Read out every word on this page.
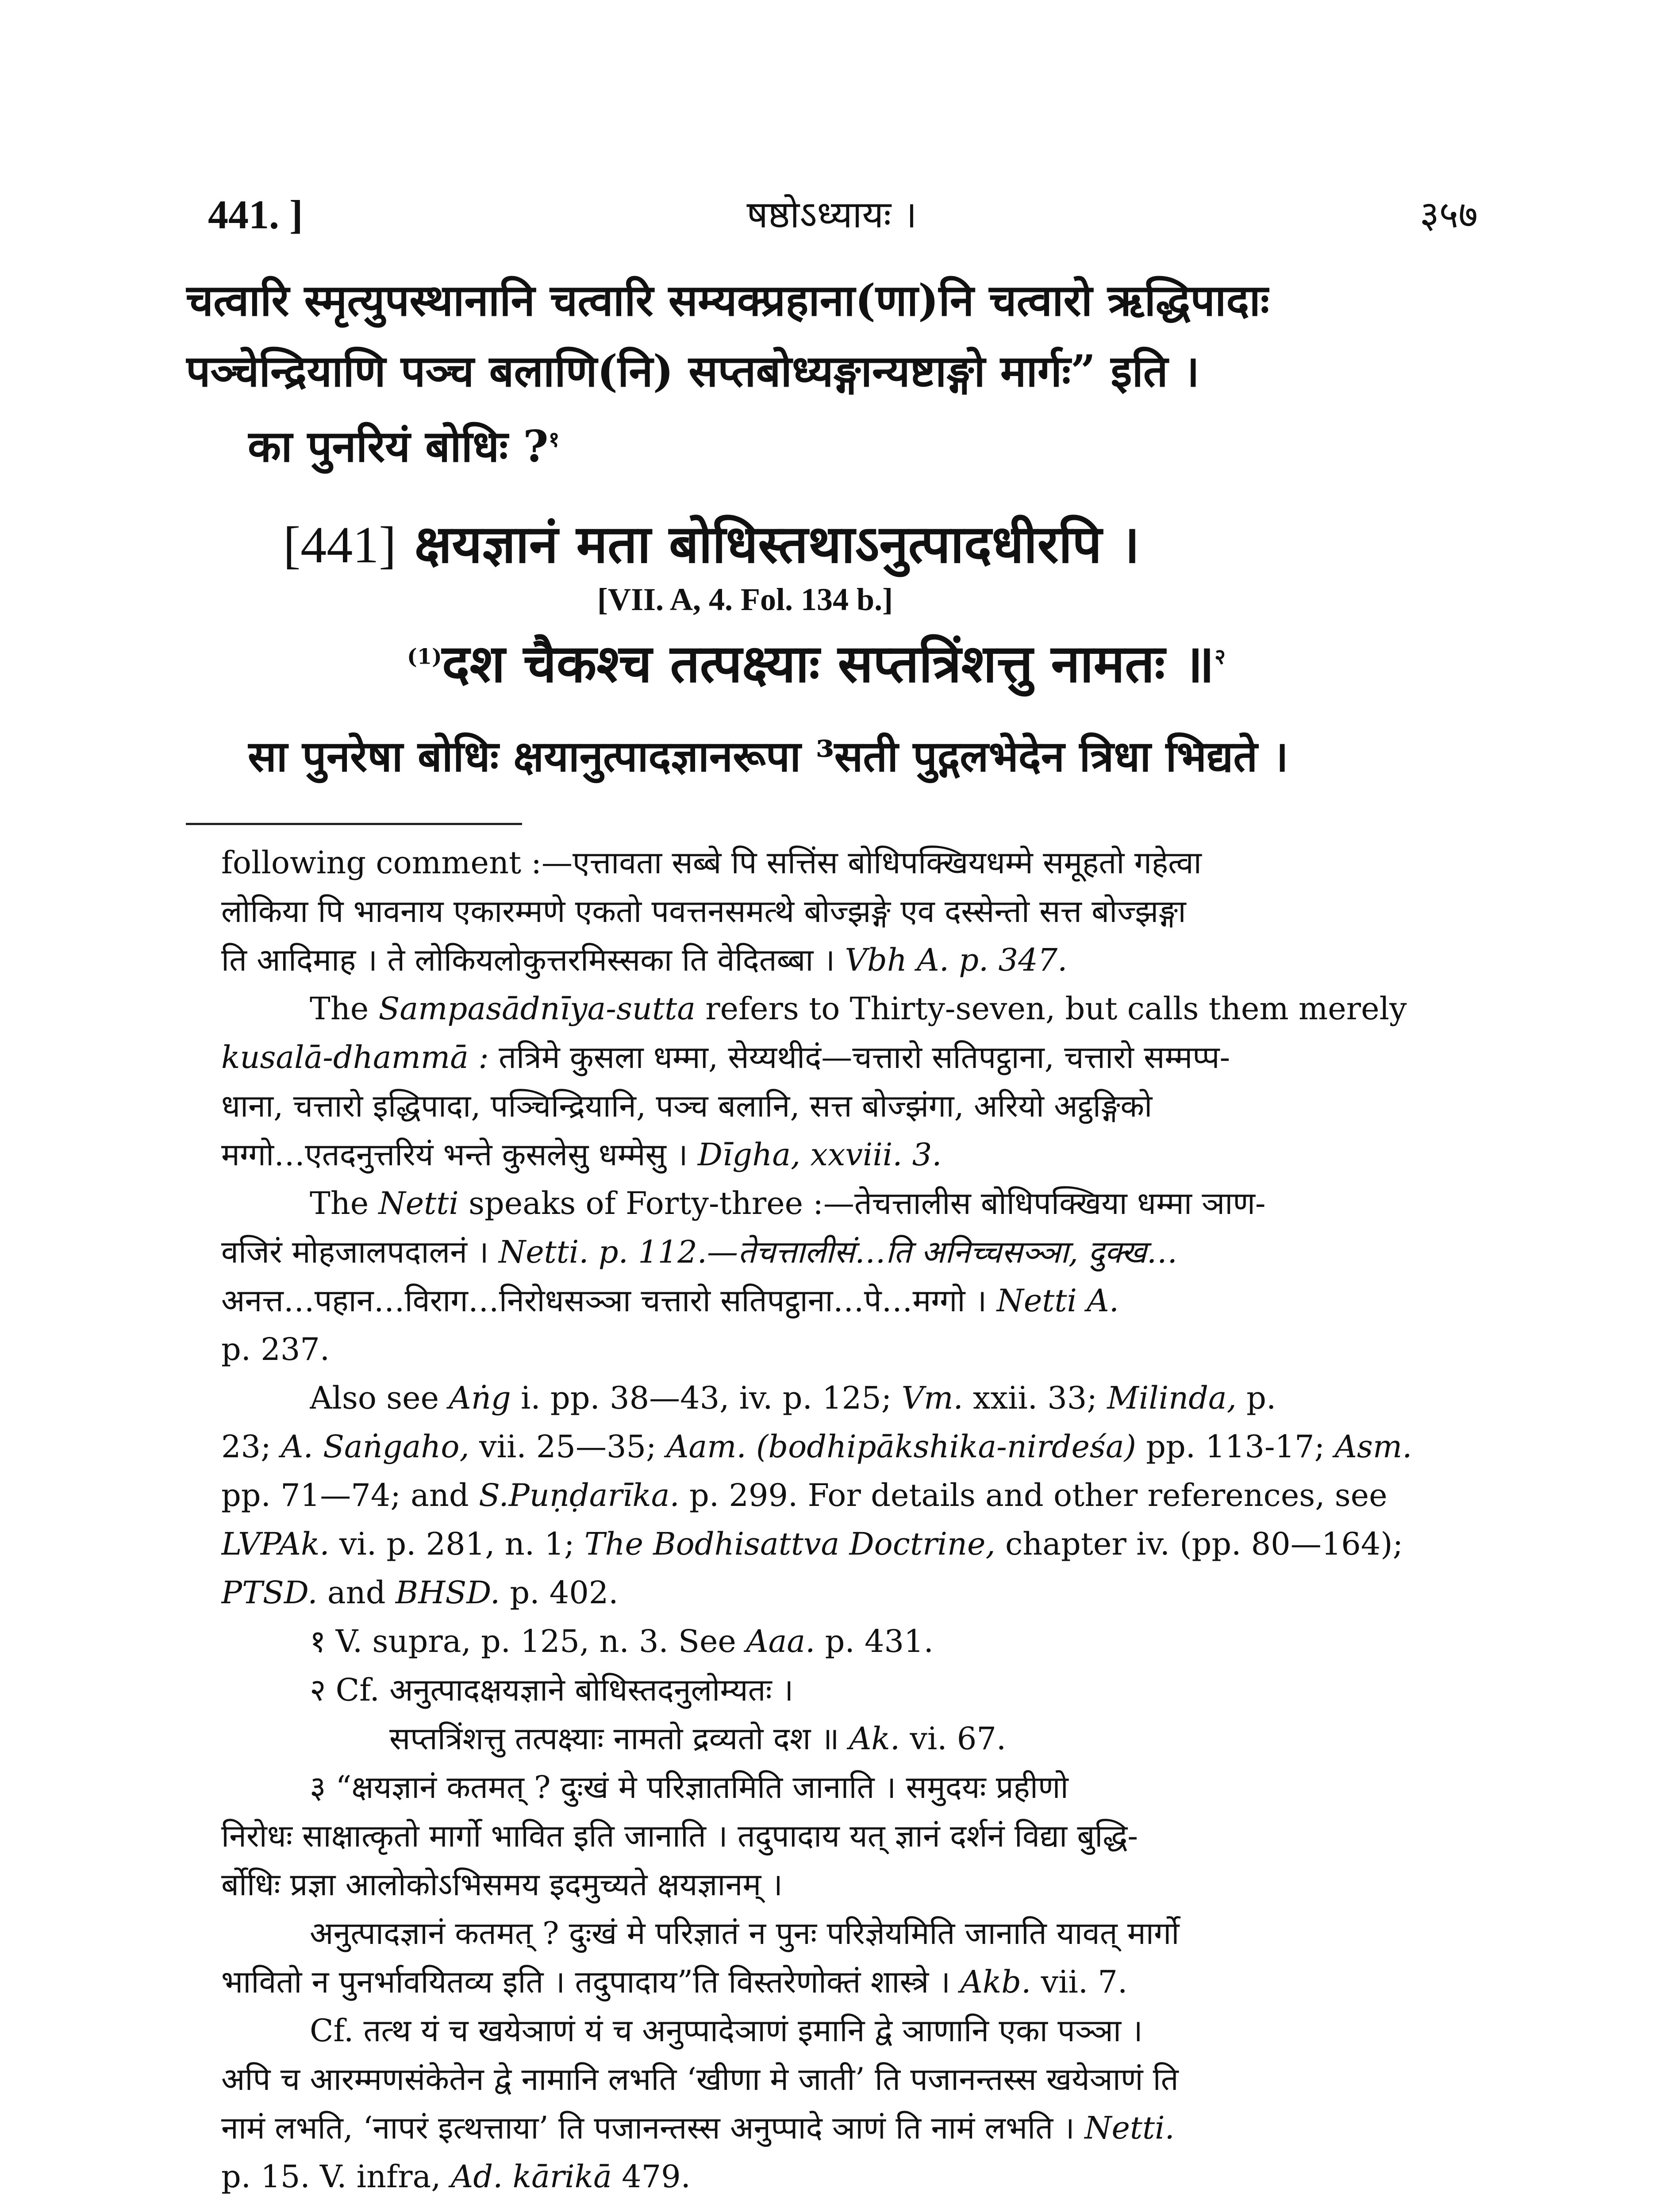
441. ]	षष्ठोऽध्यायः ।	३५७
चत्वारि स्मृत्युपस्थानानि चत्वारि सम्यक्प्रहाना(णा)नि चत्वारो ऋद्धिपादाः
पञ्चेन्द्रियाणि पञ्च बलाणि(नि) सप्तबोध्यङ्गान्यष्टाङ्गो मार्गः” इति ।
का पुनरियं बोधिः ?$^१$
[441] क्षयज्ञानं मता बोधिस्तथाऽनुत्पादधीरपि ।
[VII. A, 4. Fol. 134 b.]
$^{(1)}$दश चैकश्च तत्पक्ष्याः सप्तत्रिंशत्तु नामतः ॥$^२$
सा पुनरेषा बोधिः क्षयानुत्पादज्ञानरूपा ³सती पुद्गलभेदेन त्रिधा भिद्यते ।
following comment :—एत्तावता सब्बे पि सत्तिंस बोधिपक्खियधम्मे समूहतो गहेत्वा
लोकिया पि भावनाय एकारम्मणे एकतो पवत्तनसमत्थे बोज्झङ्गे एव दस्सेन्तो सत्त बोज्झङ्गा
ति आदिमाह । ते लोकियलोकुत्तरमिस्सका ति वेदितब्बा । Vbh A. p. 347.
The Sampasādnīya-sutta refers to Thirty-seven, but calls them merely
kusalā-dhammā : तत्रिमे कुसला धम्मा, सेय्यथीदं—चत्तारो सतिपट्ठाना, चत्तारो सम्मप्प-
धाना, चत्तारो इद्धिपादा, पञ्चिन्द्रियानि, पञ्च बलानि, सत्त बोज्झंगा, अरियो अट्ठङ्गिको
मग्गो…एतदनुत्तरियं भन्ते कुसलेसु धम्मेसु । Dīgha, xxviii. 3.
The Netti speaks of Forty-three :—तेचत्तालीस बोधिपक्खिया धम्मा ञाण-
वजिरं मोहजालपदालनं । Netti. p. 112.—तेचत्तालीसं…ति अनिच्चसञ्ञा, दुक्ख…
अनत्त…पहान…विराग…निरोधसञ्ञा चत्तारो सतिपट्ठाना…पे…मग्गो । Netti A.
p. 237.
Also see Aṅg i. pp. 38—43, iv. p. 125; Vm. xxii. 33; Milinda, p.
23; A. Saṅgaho, vii. 25—35; Aam. (bodhipākshika-nirdeśa) pp. 113-17; Asm.
pp. 71—74; and S.Puṇḍarīka. p. 299. For details and other references, see
LVPAk. vi. p. 281, n. 1; The Bodhisattva Doctrine, chapter iv. (pp. 80—164);
PTSD. and BHSD. p. 402.
१ V. supra, p. 125, n. 3. See Aaa. p. 431.
२ Cf. अनुत्पादक्षयज्ञाने बोधिस्तदनुलोम्यतः ।
सप्तत्रिंशत्तु तत्पक्ष्याः नामतो द्रव्यतो दश ॥ Ak. vi. 67.
३ “क्षयज्ञानं कतमत् ? दुःखं मे परिज्ञातमिति जानाति । समुदयः प्रहीणो
निरोधः साक्षात्कृतो मार्गो भावित इति जानाति । तदुपादाय यत् ज्ञानं दर्शनं विद्या बुद्धि-
र्बोधिः प्रज्ञा आलोकोऽभिसमय इदमुच्यते क्षयज्ञानम् ।
अनुत्पादज्ञानं कतमत् ? दुःखं मे परिज्ञातं न पुनः परिज्ञेयमिति जानाति यावत् मार्गो
भावितो न पुनर्भावयितव्य इति । तदुपादाय”ति विस्तरेणोक्तं शास्त्रे । Akb. vii. 7.
Cf. तत्थ यं च खयेञाणं यं च अनुप्पादेञाणं इमानि द्वे ञाणानि एका पञ्ञा ।
अपि च आरम्मणसंकेतेन द्वे नामानि लभति ‘खीणा मे जाती’ ति पजानन्तस्स खयेञाणं ति
नामं लभति, ‘नापरं इत्थत्ताया’ ति पजानन्तस्स अनुप्पादे ञाणं ति नामं लभति । Netti.
p. 15. V. infra, Ad. kārikā 479.
